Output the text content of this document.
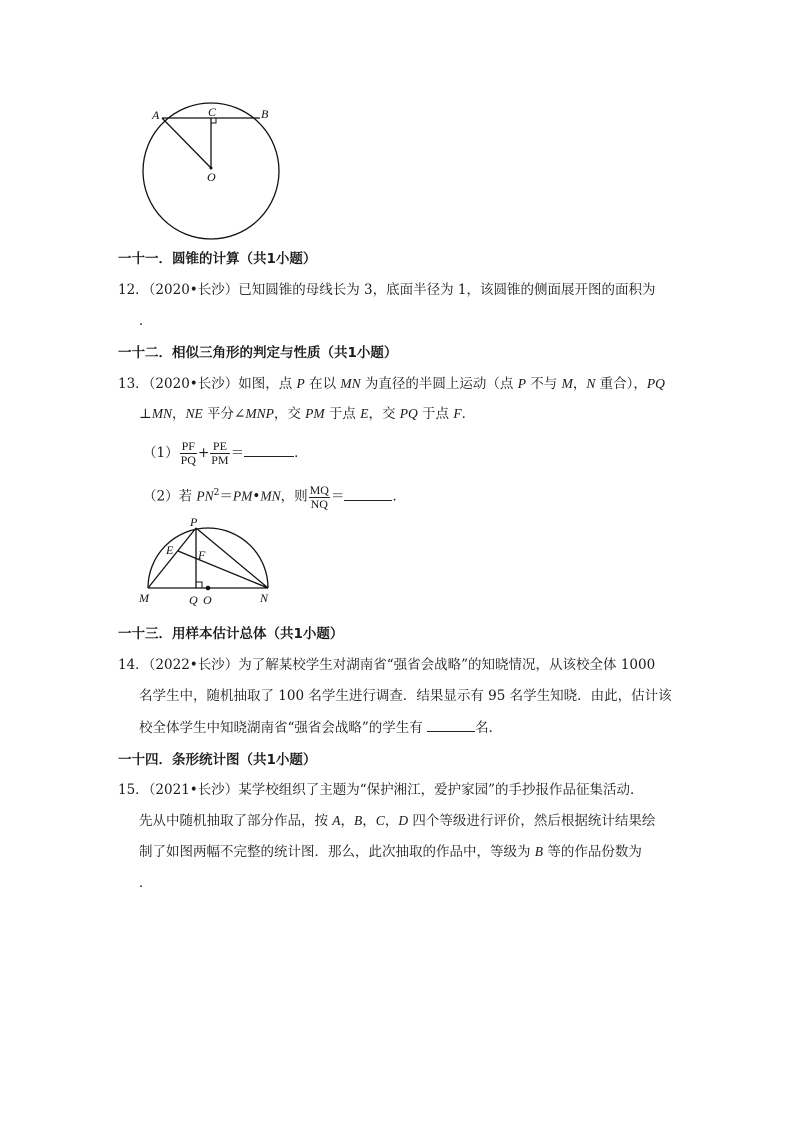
A	C	B
O
一十一．圆锥的计算（共1小题）
12．（2020•长沙）已知圆锥的母线长为 3，底面半径为 1，该圆锥的侧面展开图的面积为
．
一十二．相似三角形的判定与性质（共1小题）
13．（2020•长沙）如图，点 P 在以 MN 为直径的半圆上运动（点 P 不与 M，N 重合），PQ
⊥MN，NE 平分∠MNP，交 PM 于点 E，交 PQ 于点 F．
$(1) \frac{PF}{PQ} + \frac{PE}{PM}$ ＝	．
（2）若 $PN^2=PM•MN$，则 $\frac{MQ}{NQ}$ ＝	．
P
E F
M	Q O	N
一十三．用样本估计总体（共1小题）
14．（2022•长沙）为了解某校学生对湖南省“强省会战略”的知晓情况，从该校全体 1000
名学生中，随机抽取了 100 名学生进行调查．结果显示有 95 名学生知晓．由此，估计该
校全体学生中知晓湖南省“强省会战略”的学生有	名．
一十四．条形统计图（共1小题）
15．（2021•长沙）某学校组织了主题为“保护湘江，爱护家园”的手抄报作品征集活动．
先从中随机抽取了部分作品，按 A，B，C，D 四个等级进行评价，然后根据统计结果绘
制了如图两幅不完整的统计图．那么，此次抽取的作品中，等级为 B 等的作品份数为
．
